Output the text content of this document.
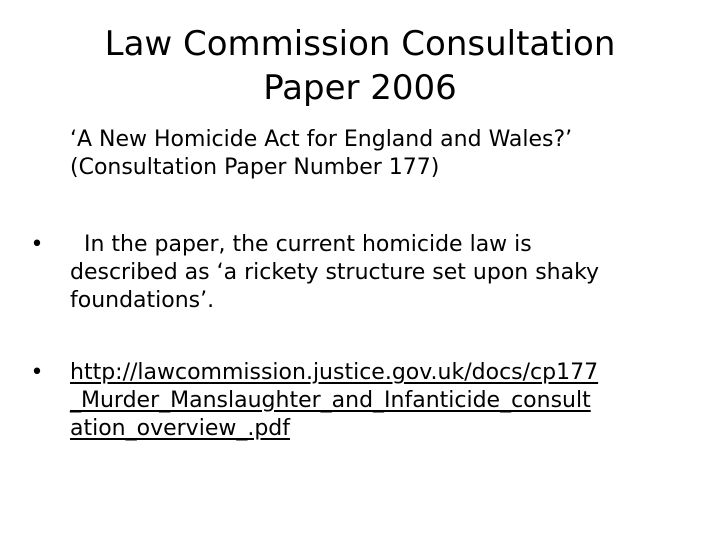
Law Commission Consultation
Paper 2006
‘A New Homicide Act for England and Wales?’
(Consultation Paper Number 177)
• In the paper, the current homicide law is
described as ‘a rickety structure set upon shaky
foundations’.
• http://lawcommission.justice.gov.uk/docs/cp177
_Murder_Manslaughter_and_Infanticide_consult
ation_overview_.pdf
